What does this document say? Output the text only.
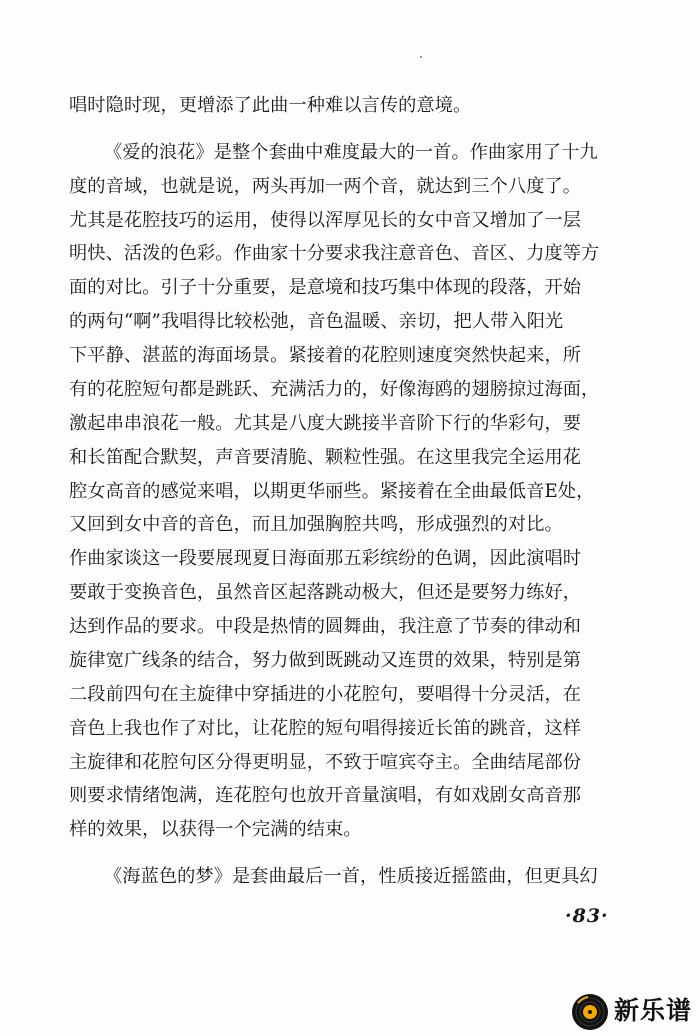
唱时隐时现，更增添了此曲一种难以言传的意境。
《爱的浪花》是整个套曲中难度最大的一首。作曲家用了十九
度的音域，也就是说，两头再加一两个音，就达到三个八度了。
尤其是花腔技巧的运用，使得以浑厚见长的女中音又增加了一层
明快、活泼的色彩。作曲家十分要求我注意音色、音区、力度等方
面的对比。引子十分重要，是意境和技巧集中体现的段落，开始
的两句“啊”我唱得比较松弛，音色温暖、亲切，把人带入阳光
下平静、湛蓝的海面场景。紧接着的花腔则速度突然快起来，所
有的花腔短句都是跳跃、充满活力的，好像海鸥的翅膀掠过海面，
激起串串浪花一般。尤其是八度大跳接半音阶下行的华彩句，要
和长笛配合默契，声音要清脆、颗粒性强。在这里我完全运用花
腔女高音的感觉来唱，以期更华丽些。紧接着在全曲最低音E处，
又回到女中音的音色，而且加强胸腔共鸣，形成强烈的对比。
作曲家谈这一段要展现夏日海面那五彩缤纷的色调，因此演唱时
要敢于变换音色，虽然音区起落跳动极大，但还是要努力练好，
达到作品的要求。中段是热情的圆舞曲，我注意了节奏的律动和
旋律宽广线条的结合，努力做到既跳动又连贯的效果，特别是第
二段前四句在主旋律中穿插进的小花腔句，要唱得十分灵活，在
音色上我也作了对比，让花腔的短句唱得接近长笛的跳音，这样
主旋律和花腔句区分得更明显，不致于喧宾夺主。全曲结尾部份
则要求情绪饱满，连花腔句也放开音量演唱，有如戏剧女高音那
样的效果，以获得一个完满的结束。
《海蓝色的梦》是套曲最后一首，性质接近摇篮曲，但更具幻
·83·
新乐谱
